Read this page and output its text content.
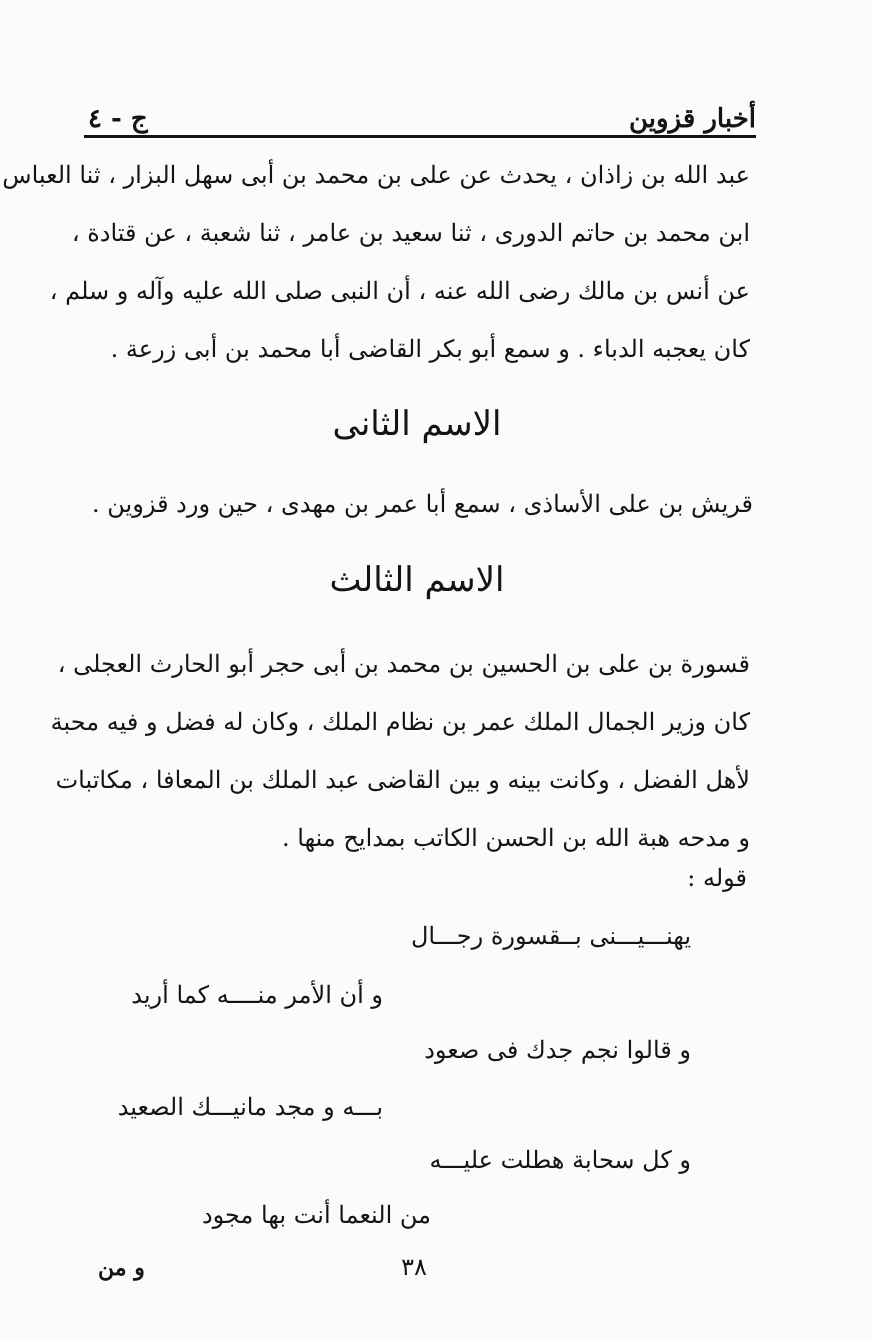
أخبار قزوين
ج - ٤
عبد الله بن زاذان ، يحدث عن على بن محمد بن أبى سهل البزار ، ثنا العباس
ابن محمد بن حاتم الدورى ، ثنا سعيد بن عامر ، ثنا شعبة ، عن قتادة ،
عن أنس بن مالك رضى الله عنه ، أن النبى صلى الله عليه وآله و سلم ،
كان يعجبه الدباء . و سمع أبو بكر القاضى أبا محمد بن أبى زرعة .
الاسم الثانى
قريش بن على الأساذى ، سمع أبا عمر بن مهدى ، حين ورد قزوين .
الاسم الثالث
قسورة بن على بن الحسين بن محمد بن أبى حجر أبو الحارث العجلى ،
كان وزير الجمال الملك عمر بن نظام الملك ، وكان له فضل و فيه محبة
لأهل الفضل ، وكانت بينه و بين القاضى عبد الملك بن المعافا ، مكاتبات
و مدحه هبة الله بن الحسن الكاتب بمدايح منها .
قوله :
يهنـــيـــنى بــقسورة رجـــال
و أن الأمر منــــه كما أريد
و قالوا نجم جدك فى صعود
بـــه و مجد مانيـــك الصعيد
و كل سحابة هطلت عليـــه
من النعما أنت بها مجود
٣٨
و من
